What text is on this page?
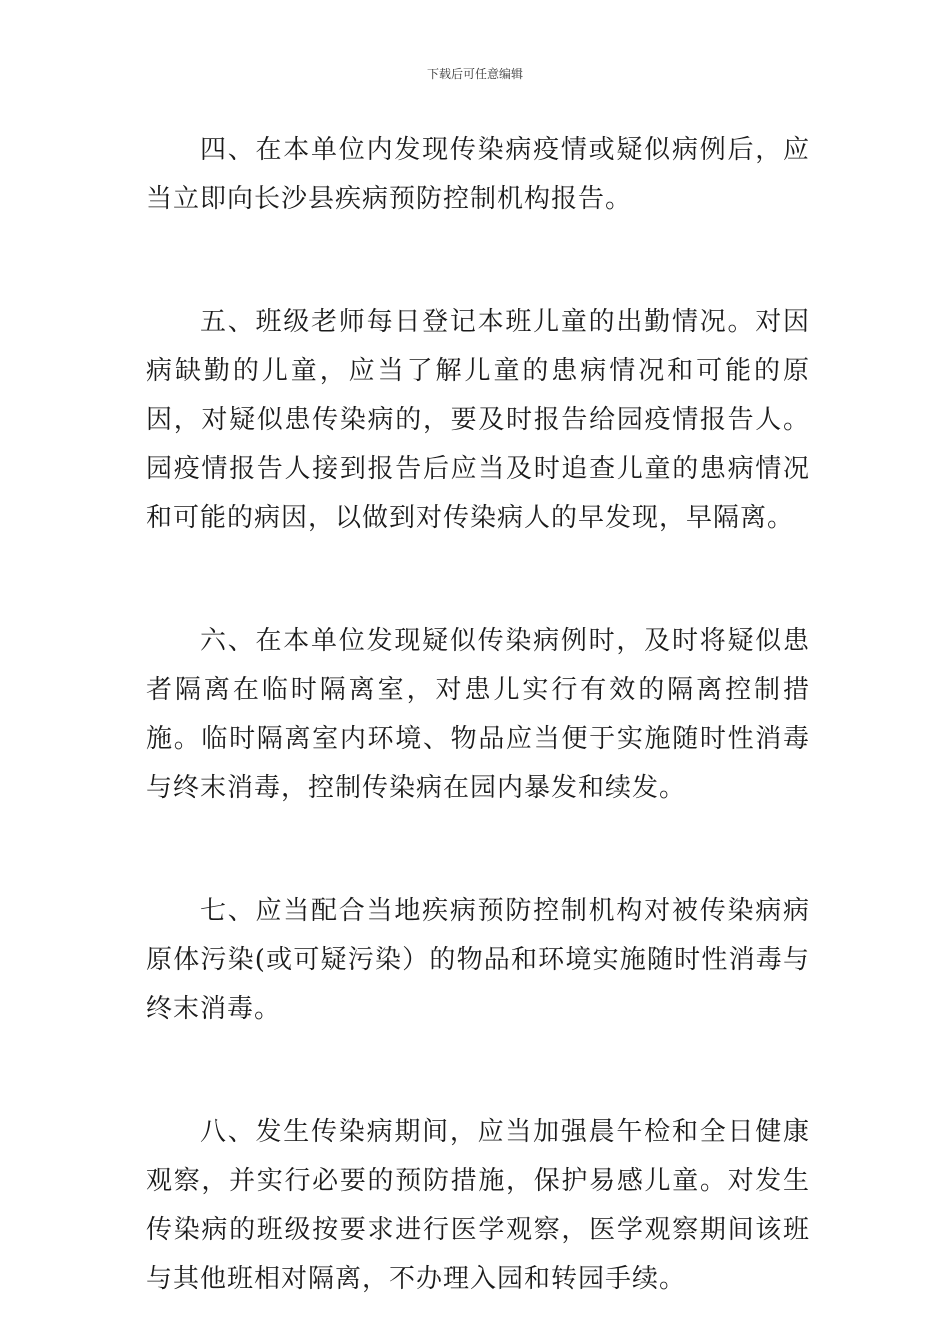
下载后可任意编辑

四、在本单位内发现传染病疫情或疑似病例后，应当立即向长沙县疾病预防控制机构报告。

五、班级老师每日登记本班儿童的出勤情况。对因病缺勤的儿童，应当了解儿童的患病情况和可能的原因，对疑似患传染病的，要及时报告给园疫情报告人。园疫情报告人接到报告后应当及时追查儿童的患病情况和可能的病因，以做到对传染病人的早发现，早隔离。

六、在本单位发现疑似传染病例时，及时将疑似患者隔离在临时隔离室，对患儿实行有效的隔离控制措施。临时隔离室内环境、物品应当便于实施随时性消毒与终末消毒，控制传染病在园内暴发和续发。

七、应当配合当地疾病预防控制机构对被传染病病原体污染(或可疑污染）的物品和环境实施随时性消毒与终末消毒。

八、发生传染病期间，应当加强晨午检和全日健康观察，并实行必要的预防措施，保护易感儿童。对发生传染病的班级按要求进行医学观察，医学观察期间该班与其他班相对隔离，不办理入园和转园手续。
